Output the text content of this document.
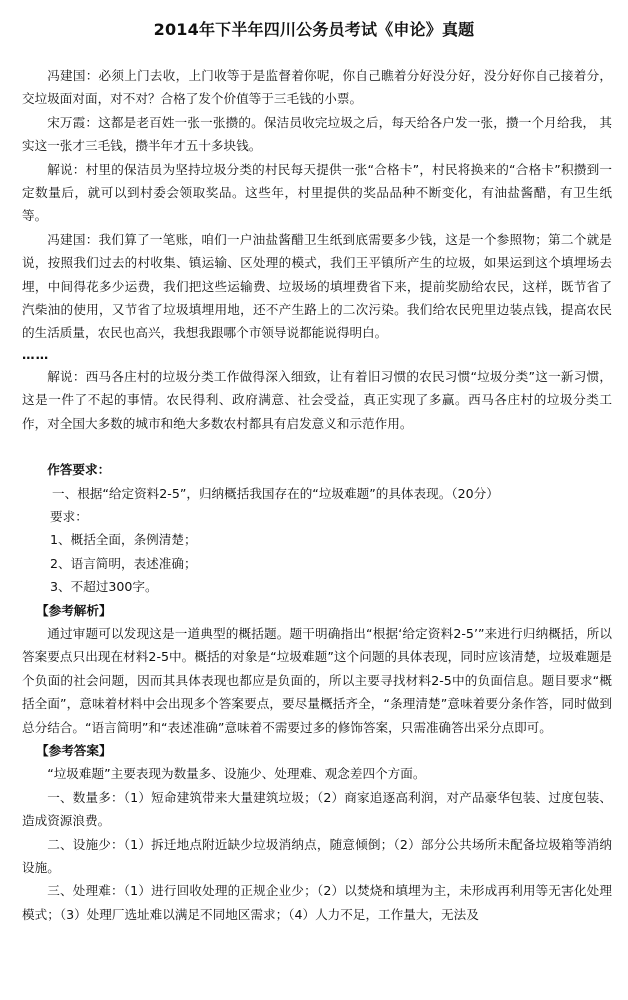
2014年下半年四川公务员考试《申论》真题

冯建国：必须上门去收，上门收等于是监督着你呢，你自己瞧着分好没分好，没分好你自己接着分，交垃圾面对面，对不对？合格了发个价值等于三毛钱的小票。

宋万霞：这都是老百姓一张一张攒的。保洁员收完垃圾之后，每天给各户发一张，攒一个月给我， 其实这一张才三毛钱，攒半年才五十多块钱。

解说：村里的保洁员为坚持垃圾分类的村民每天提供一张“合格卡”，村民将换来的“合格卡”积攒到一定数量后，就可以到村委会领取奖品。这些年，村里提供的奖品品种不断变化，有油盐酱醋，有卫生纸等。

冯建国：我们算了一笔账，咱们一户油盐酱醋卫生纸到底需要多少钱，这是一个参照物；第二个就是说，按照我们过去的村收集、镇运输、区处理的模式，我们王平镇所产生的垃圾，如果运到这个填埋场去埋，中间得花多少运费，我们把这些运输费、垃圾场的填埋费省下来，提前奖励给农民，这样，既节省了汽柴油的使用，又节省了垃圾填埋用地，还不产生路上的二次污染。我们给农民兜里边装点钱，提高农民的生活质量，农民也高兴，我想我跟哪个市领导说都能说得明白。

……

解说：西马各庄村的垃圾分类工作做得深入细致，让有着旧习惯的农民习惯“垃圾分类”这一新习惯，这是一件了不起的事情。农民得利、政府满意、社会受益，真正实现了多赢。西马各庄村的垃圾分类工作，对全国大多数的城市和绝大多数农村都具有启发意义和示范作用。

作答要求：

一、根据“给定资料2-5”，归纳概括我国存在的“垃圾难题”的具体表现。（20分）

要求：

1、概括全面，条例清楚；

2、语言简明，表述准确；

3、不超过300字。

【参考解析】

通过审题可以发现这是一道典型的概括题。题干明确指出“根据‘给定资料2-5’”来进行归纳概括，所以答案要点只出现在材料2-5中。概括的对象是“垃圾难题”这个问题的具体表现，同时应该清楚，垃圾难题是个负面的社会问题，因而其具体表现也都应是负面的，所以主要寻找材料2-5中的负面信息。题目要求“概括全面”，意味着材料中会出现多个答案要点，要尽量概括齐全，“条理清楚”意味着要分条作答，同时做到总分结合。“语言简明”和“表述准确”意味着不需要过多的修饰答案，只需准确答出采分点即可。

【参考答案】

“垃圾难题”主要表现为数量多、设施少、处理难、观念差四个方面。

一、数量多：（1）短命建筑带来大量建筑垃圾；（2）商家追逐高利润，对产品豪华包装、过度包装、造成资源浪费。

二、设施少：（1）拆迁地点附近缺少垃圾消纳点，随意倾倒；（2）部分公共场所未配备垃圾箱等消纳设施。

三、处理难：（1）进行回收处理的正规企业少；（2）以焚烧和填埋为主，未形成再利用等无害化处理模式；（3）处理厂选址难以满足不同地区需求；（4）人力不足，工作量大，无法及
